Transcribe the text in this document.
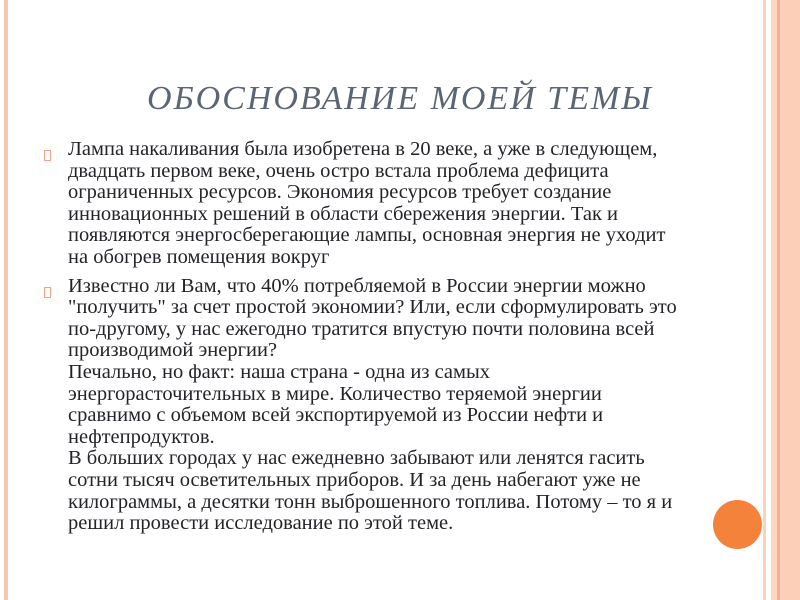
ОБОСНОВАНИЕ МОЕЙ ТЕМЫ

Лампа накаливания была изобретена в 20 веке, а уже в следующем, двадцать первом веке, очень остро встала проблема дефицита ограниченных ресурсов. Экономия ресурсов требует создание инновационных решений в области сбережения энергии. Так и появляются энергосберегающие лампы, основная энергия не уходит на обогрев помещения вокруг

Известно ли Вам, что 40% потребляемой в России энергии можно "получить" за счет простой экономии? Или, если сформулировать это по-другому, у нас ежегодно тратится впустую почти половина всей производимой энергии?

Печально, но факт: наша страна - одна из самых энергорасточительных в мире. Количество теряемой энергии сравнимо с объемом всей экспортируемой из России нефти и нефтепродуктов.

В больших городах у нас ежедневно забывают или ленятся гасить сотни тысяч осветительных приборов. И за день набегают уже не килограммы, а десятки тонн выброшенного топлива. Потому – то я и решил провести исследование по этой теме.
